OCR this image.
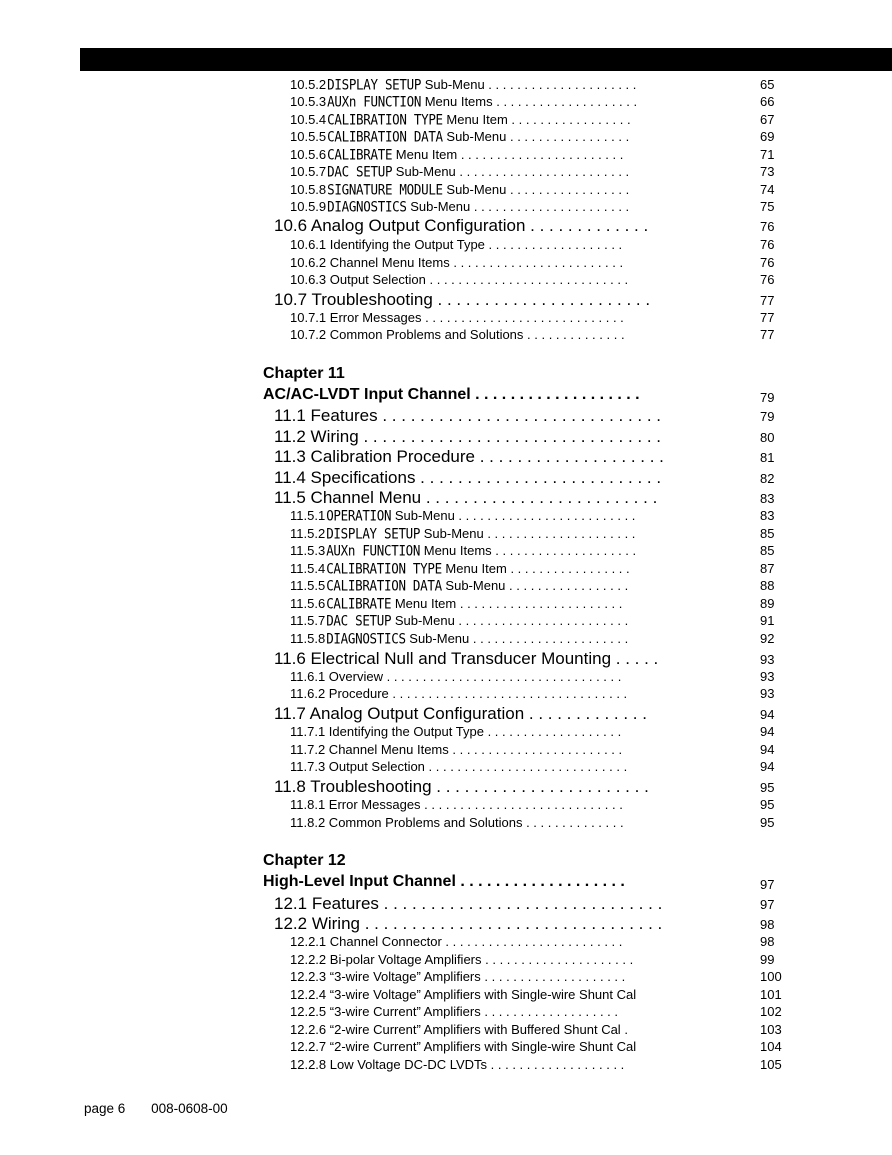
10.5.2DISPLAY SETUP Sub-Menu . . . . . . . . . . . . . . . . . . . . .	65
10.5.3AUXn FUNCTION Menu Items . . . . . . . . . . . . . . . . . . . .	66
10.5.4CALIBRATION TYPE Menu Item . . . . . . . . . . . . . . . . .	67
10.5.5CALIBRATION DATA Sub-Menu . . . . . . . . . . . . . . . . .	69
10.5.6CALIBRATE Menu Item . . . . . . . . . . . . . . . . . . . . . . .	71
10.5.7DAC SETUP Sub-Menu . . . . . . . . . . . . . . . . . . . . . . . .	73
10.5.8SIGNATURE MODULE Sub-Menu . . . . . . . . . . . . . . . . .	74
10.5.9DIAGNOSTICS Sub-Menu . . . . . . . . . . . . . . . . . . . . . .	75
10.6 Analog Output Configuration . . . . . . . . . . . . .	76
10.6.1 Identifying the Output Type . . . . . . . . . . . . . . . . . . .	76
10.6.2 Channel Menu Items . . . . . . . . . . . . . . . . . . . . . . . .	76
10.6.3 Output Selection . . . . . . . . . . . . . . . . . . . . . . . . . . . .	76
10.7 Troubleshooting . . . . . . . . . . . . . . . . . . . . . . .	77
10.7.1 Error Messages . . . . . . . . . . . . . . . . . . . . . . . . . . . .	77
10.7.2 Common Problems and Solutions . . . . . . . . . . . . . .	77
Chapter 11
AC/AC-LVDT Input Channel . . . . . . . . . . . . . . . . . . .	79
11.1 Features . . . . . . . . . . . . . . . . . . . . . . . . . . . . . .	79
11.2 Wiring . . . . . . . . . . . . . . . . . . . . . . . . . . . . . . . .	80
11.3 Calibration Procedure . . . . . . . . . . . . . . . . . . . .	81
11.4 Specifications . . . . . . . . . . . . . . . . . . . . . . . . . .	82
11.5 Channel Menu . . . . . . . . . . . . . . . . . . . . . . . . .	83
11.5.1OPERATION Sub-Menu . . . . . . . . . . . . . . . . . . . . . . . . .	83
11.5.2DISPLAY SETUP Sub-Menu . . . . . . . . . . . . . . . . . . . . .	85
11.5.3AUXn FUNCTION Menu Items . . . . . . . . . . . . . . . . . . . .	85
11.5.4CALIBRATION TYPE Menu Item . . . . . . . . . . . . . . . . .	87
11.5.5CALIBRATION DATA Sub-Menu . . . . . . . . . . . . . . . . .	88
11.5.6CALIBRATE Menu Item . . . . . . . . . . . . . . . . . . . . . . .	89
11.5.7DAC SETUP Sub-Menu . . . . . . . . . . . . . . . . . . . . . . . .	91
11.5.8DIAGNOSTICS Sub-Menu . . . . . . . . . . . . . . . . . . . . . .	92
11.6 Electrical Null and Transducer Mounting . . . . .	93
11.6.1 Overview . . . . . . . . . . . . . . . . . . . . . . . . . . . . . . . . .	93
11.6.2 Procedure . . . . . . . . . . . . . . . . . . . . . . . . . . . . . . . . .	93
11.7 Analog Output Configuration . . . . . . . . . . . . .	94
11.7.1 Identifying the Output Type . . . . . . . . . . . . . . . . . . .	94
11.7.2 Channel Menu Items . . . . . . . . . . . . . . . . . . . . . . . .	94
11.7.3 Output Selection . . . . . . . . . . . . . . . . . . . . . . . . . . . .	94
11.8 Troubleshooting . . . . . . . . . . . . . . . . . . . . . . .	95
11.8.1 Error Messages . . . . . . . . . . . . . . . . . . . . . . . . . . . .	95
11.8.2 Common Problems and Solutions . . . . . . . . . . . . . .	95
Chapter 12
High-Level Input Channel . . . . . . . . . . . . . . . . . . .	97
12.1 Features . . . . . . . . . . . . . . . . . . . . . . . . . . . . . .	97
12.2 Wiring . . . . . . . . . . . . . . . . . . . . . . . . . . . . . . . .	98
12.2.1 Channel Connector . . . . . . . . . . . . . . . . . . . . . . . . .	98
12.2.2 Bi-polar Voltage Amplifiers . . . . . . . . . . . . . . . . . . . . .	99
12.2.3 “3-wire Voltage” Amplifiers . . . . . . . . . . . . . . . . . . . .	100
12.2.4 “3-wire Voltage” Amplifiers with Single-wire Shunt Cal	101
12.2.5 “3-wire Current” Amplifiers . . . . . . . . . . . . . . . . . . .	102
12.2.6 “2-wire Current” Amplifiers with Buffered Shunt Cal .	103
12.2.7 “2-wire Current” Amplifiers with Single-wire Shunt Cal	104
12.2.8 Low Voltage DC-DC LVDTs . . . . . . . . . . . . . . . . . . .	105
page 6 008-0608-00
